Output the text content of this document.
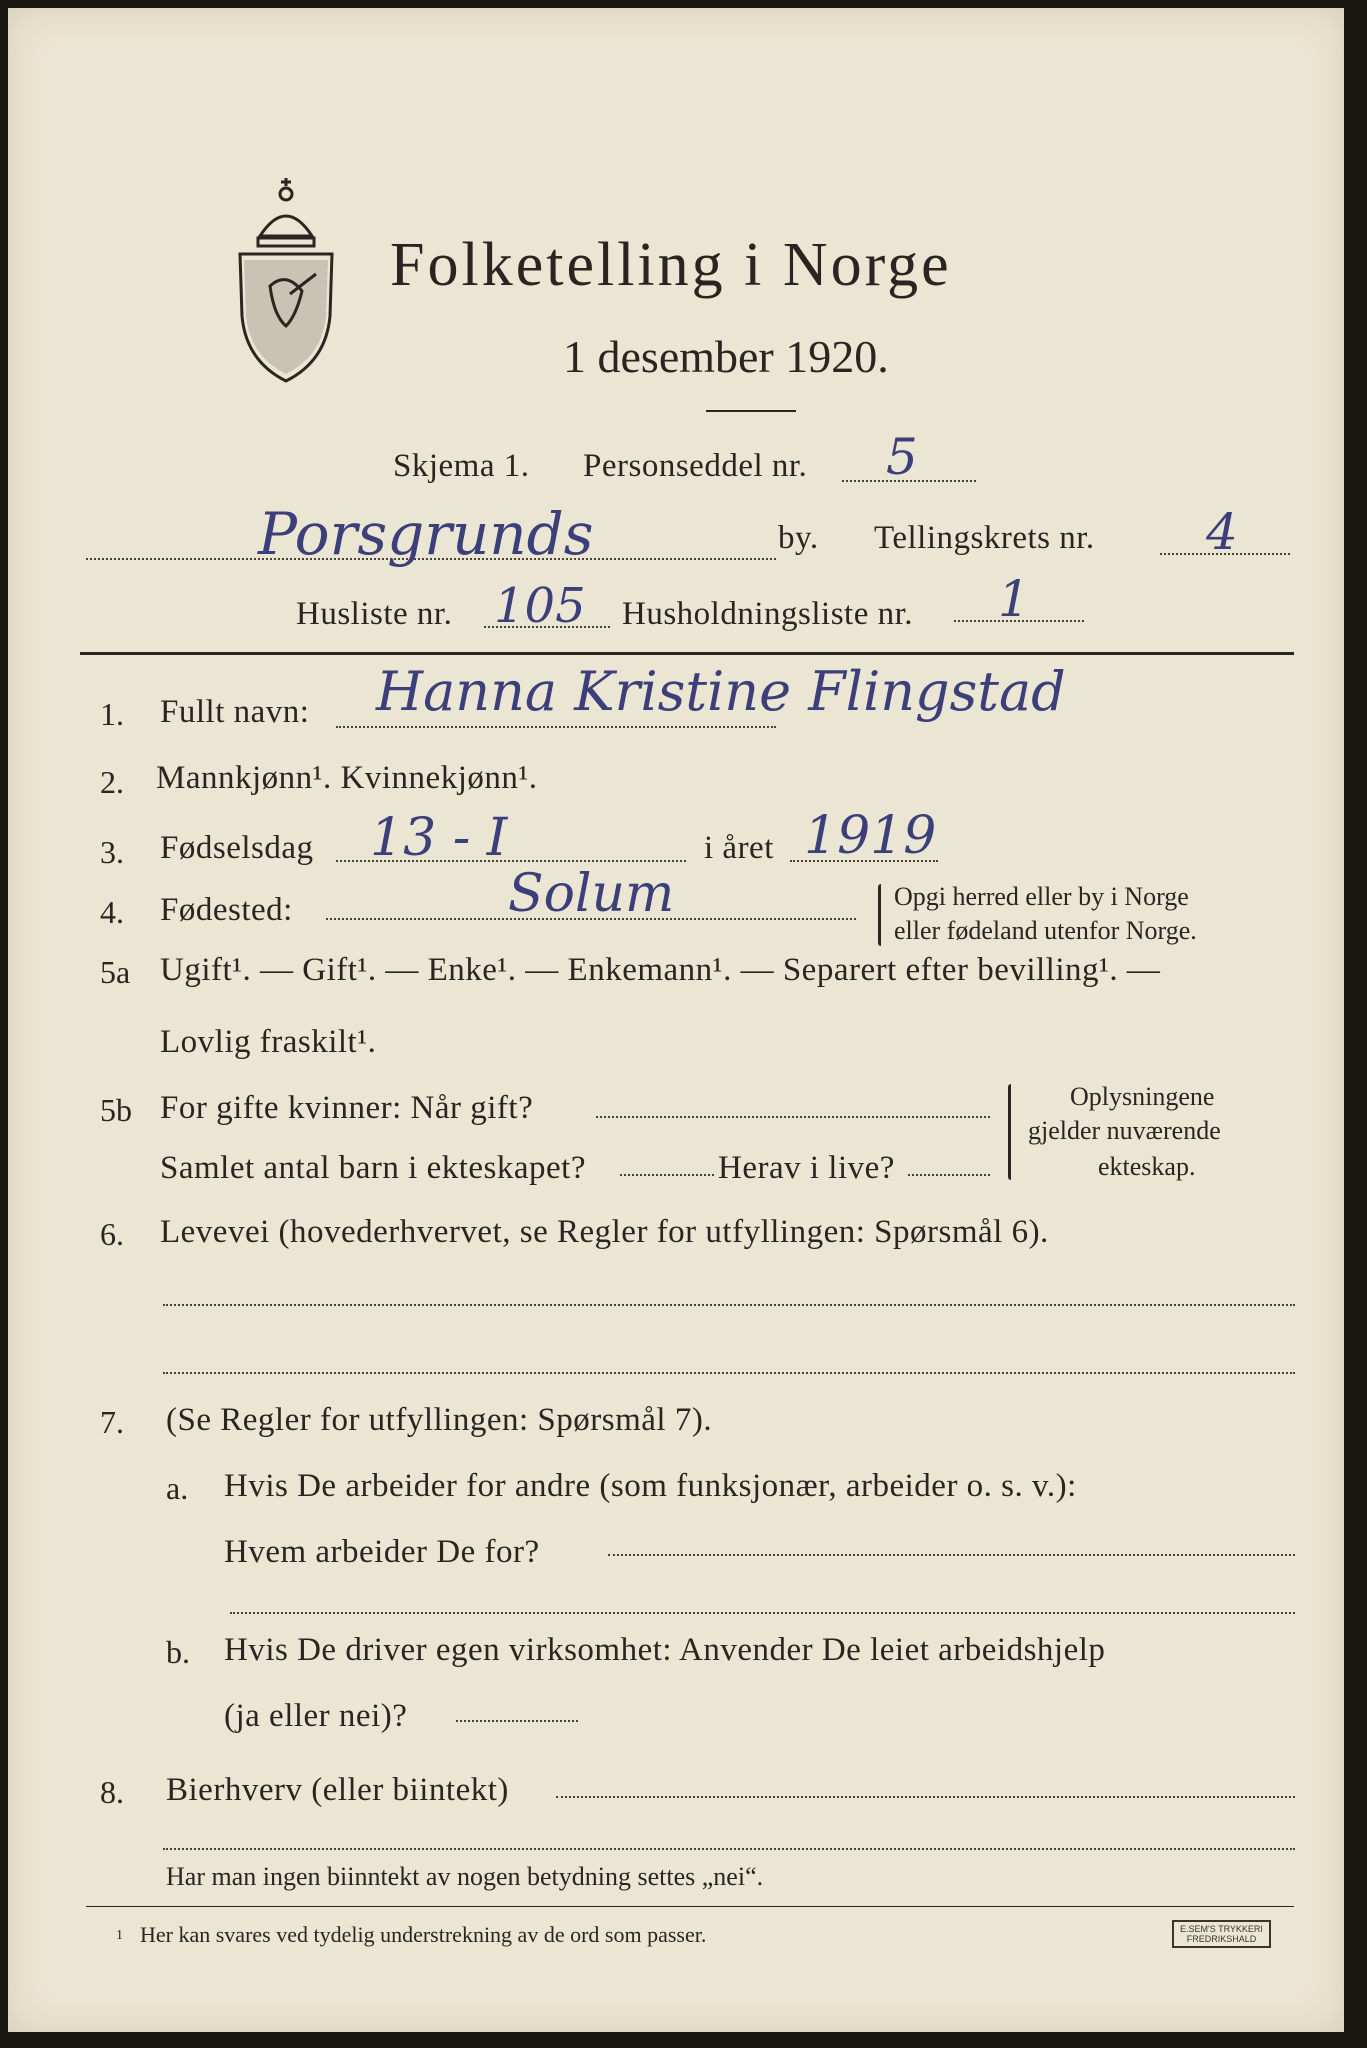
Folketelling i Norge
1 desember 1920.
Skjema 1. Personseddel nr. 5
Porsgrunds	by. Tellingskrets nr. 4
Husliste nr. 105 Husholdningsliste nr. 1
1. Fullt navn: Hanna Kristine Flingstad
2. Mannkjønn¹. Kvinnekjønn¹.
3. Fødselsdag 13 - I	i året 1919
4. Fødested:	Solum	Opgi herred eller by i Norge
eller fødeland utenfor Norge.
5a Ugift¹. — Gift¹. — Enke¹. — Enkemann¹. — Separert efter bevilling¹. —
Lovlig fraskilt¹.
5b For gifte kvinner: Når gift?
Samlet antal barn i ekteskapet?	Herav i live?
Oplysningene
gjelder nuværende
ekteskap.
6. Levevei (hovederhvervet, se Regler for utfyllingen: Spørsmål 6).
7. (Se Regler for utfyllingen: Spørsmål 7).
a. Hvis De arbeider for andre (som funksjonær, arbeider o. s. v.):
Hvem arbeider De for?
b. Hvis De driver egen virksomhet: Anvender De leiet arbeidshjelp
(ja eller nei)?
8. Bierhverv (eller biintekt)
Har man ingen biinntekt av nogen betydning settes „nei“.
1 Her kan svares ved tydelig understrekning av de ord som passer.	E.SEM'S TRYKKERI
FREDRIKSHALD
